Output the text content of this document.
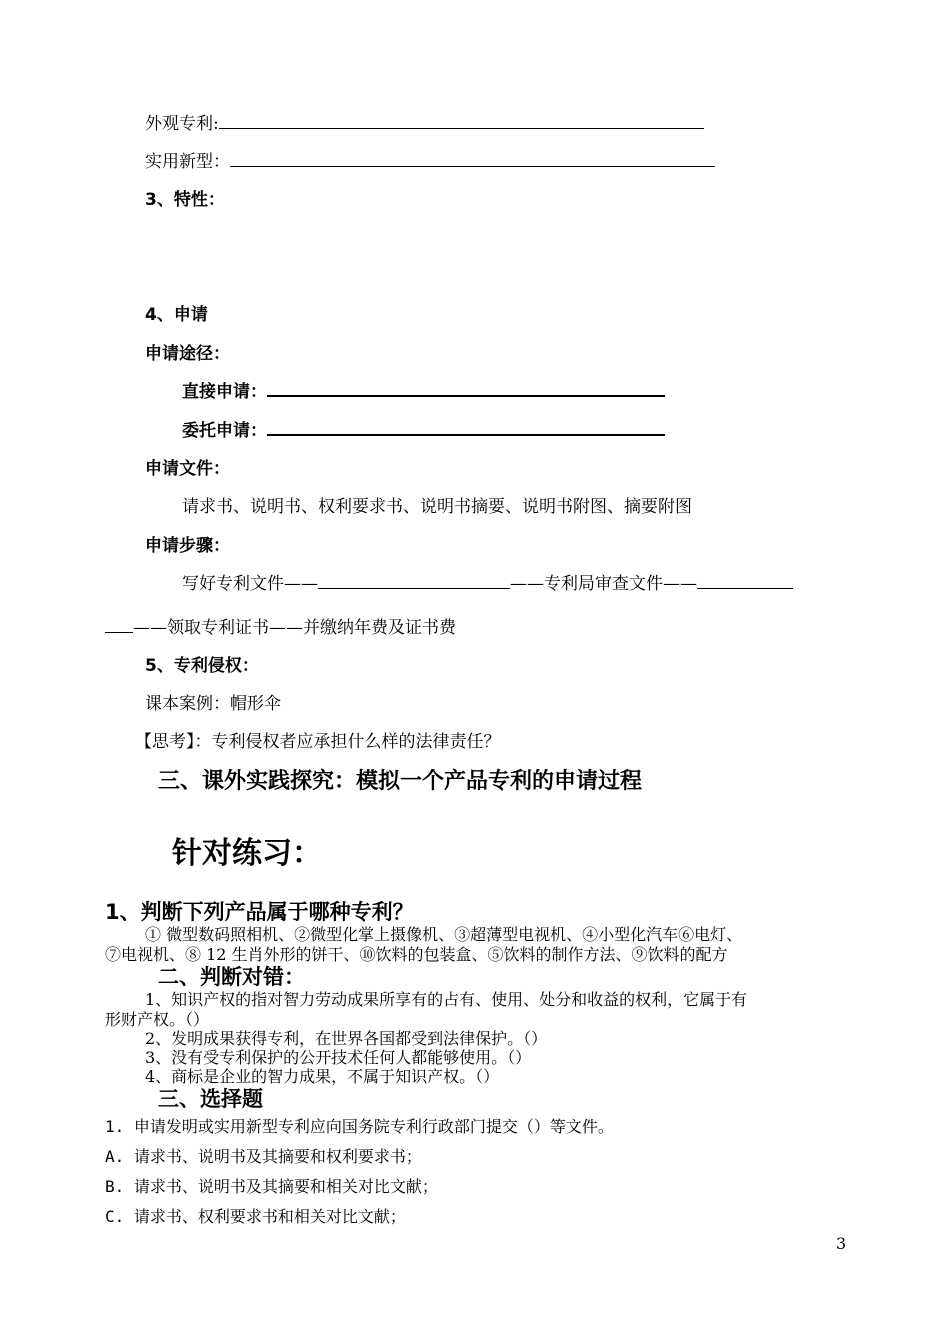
外观专利:
实用新型：
3、特性：
4、申请
申请途径：
直接申请：
委托申请：
申请文件：
请求书、说明书、权利要求书、说明书摘要、说明书附图、摘要附图
申请步骤：
写好专利文件——	——专利局审查文件——
——领取专利证书——并缴纳年费及证书费
5、专利侵权：
课本案例：帽形伞
【思考】：专利侵权者应承担什么样的法律责任？
三、课外实践探究：模拟一个产品专利的申请过程
针对练习：
1、判断下列产品属于哪种专利？
① 微型数码照相机、②微型化掌上摄像机、③超薄型电视机、④小型化汽车⑥电灯、
⑦电视机、⑧ 12 生肖外形的饼干、⑩饮料的包装盒、⑤饮料的制作方法、⑨饮料的配方
二、判断对错：
1、知识产权的指对智力劳动成果所享有的占有、使用、处分和收益的权利，它属于有
形财产权。（）
2、发明成果获得专利，在世界各国都受到法律保护。（）
3、没有受专利保护的公开技术任何人都能够使用。（）
4、商标是企业的智力成果，不属于知识产权。（）
三、选择题
1. 申请发明或实用新型专利应向国务院专利行政部门提交（）等文件。
A. 请求书、说明书及其摘要和权利要求书；
B. 请求书、说明书及其摘要和相关对比文献；
C. 请求书、权利要求书和相关对比文献；
3
